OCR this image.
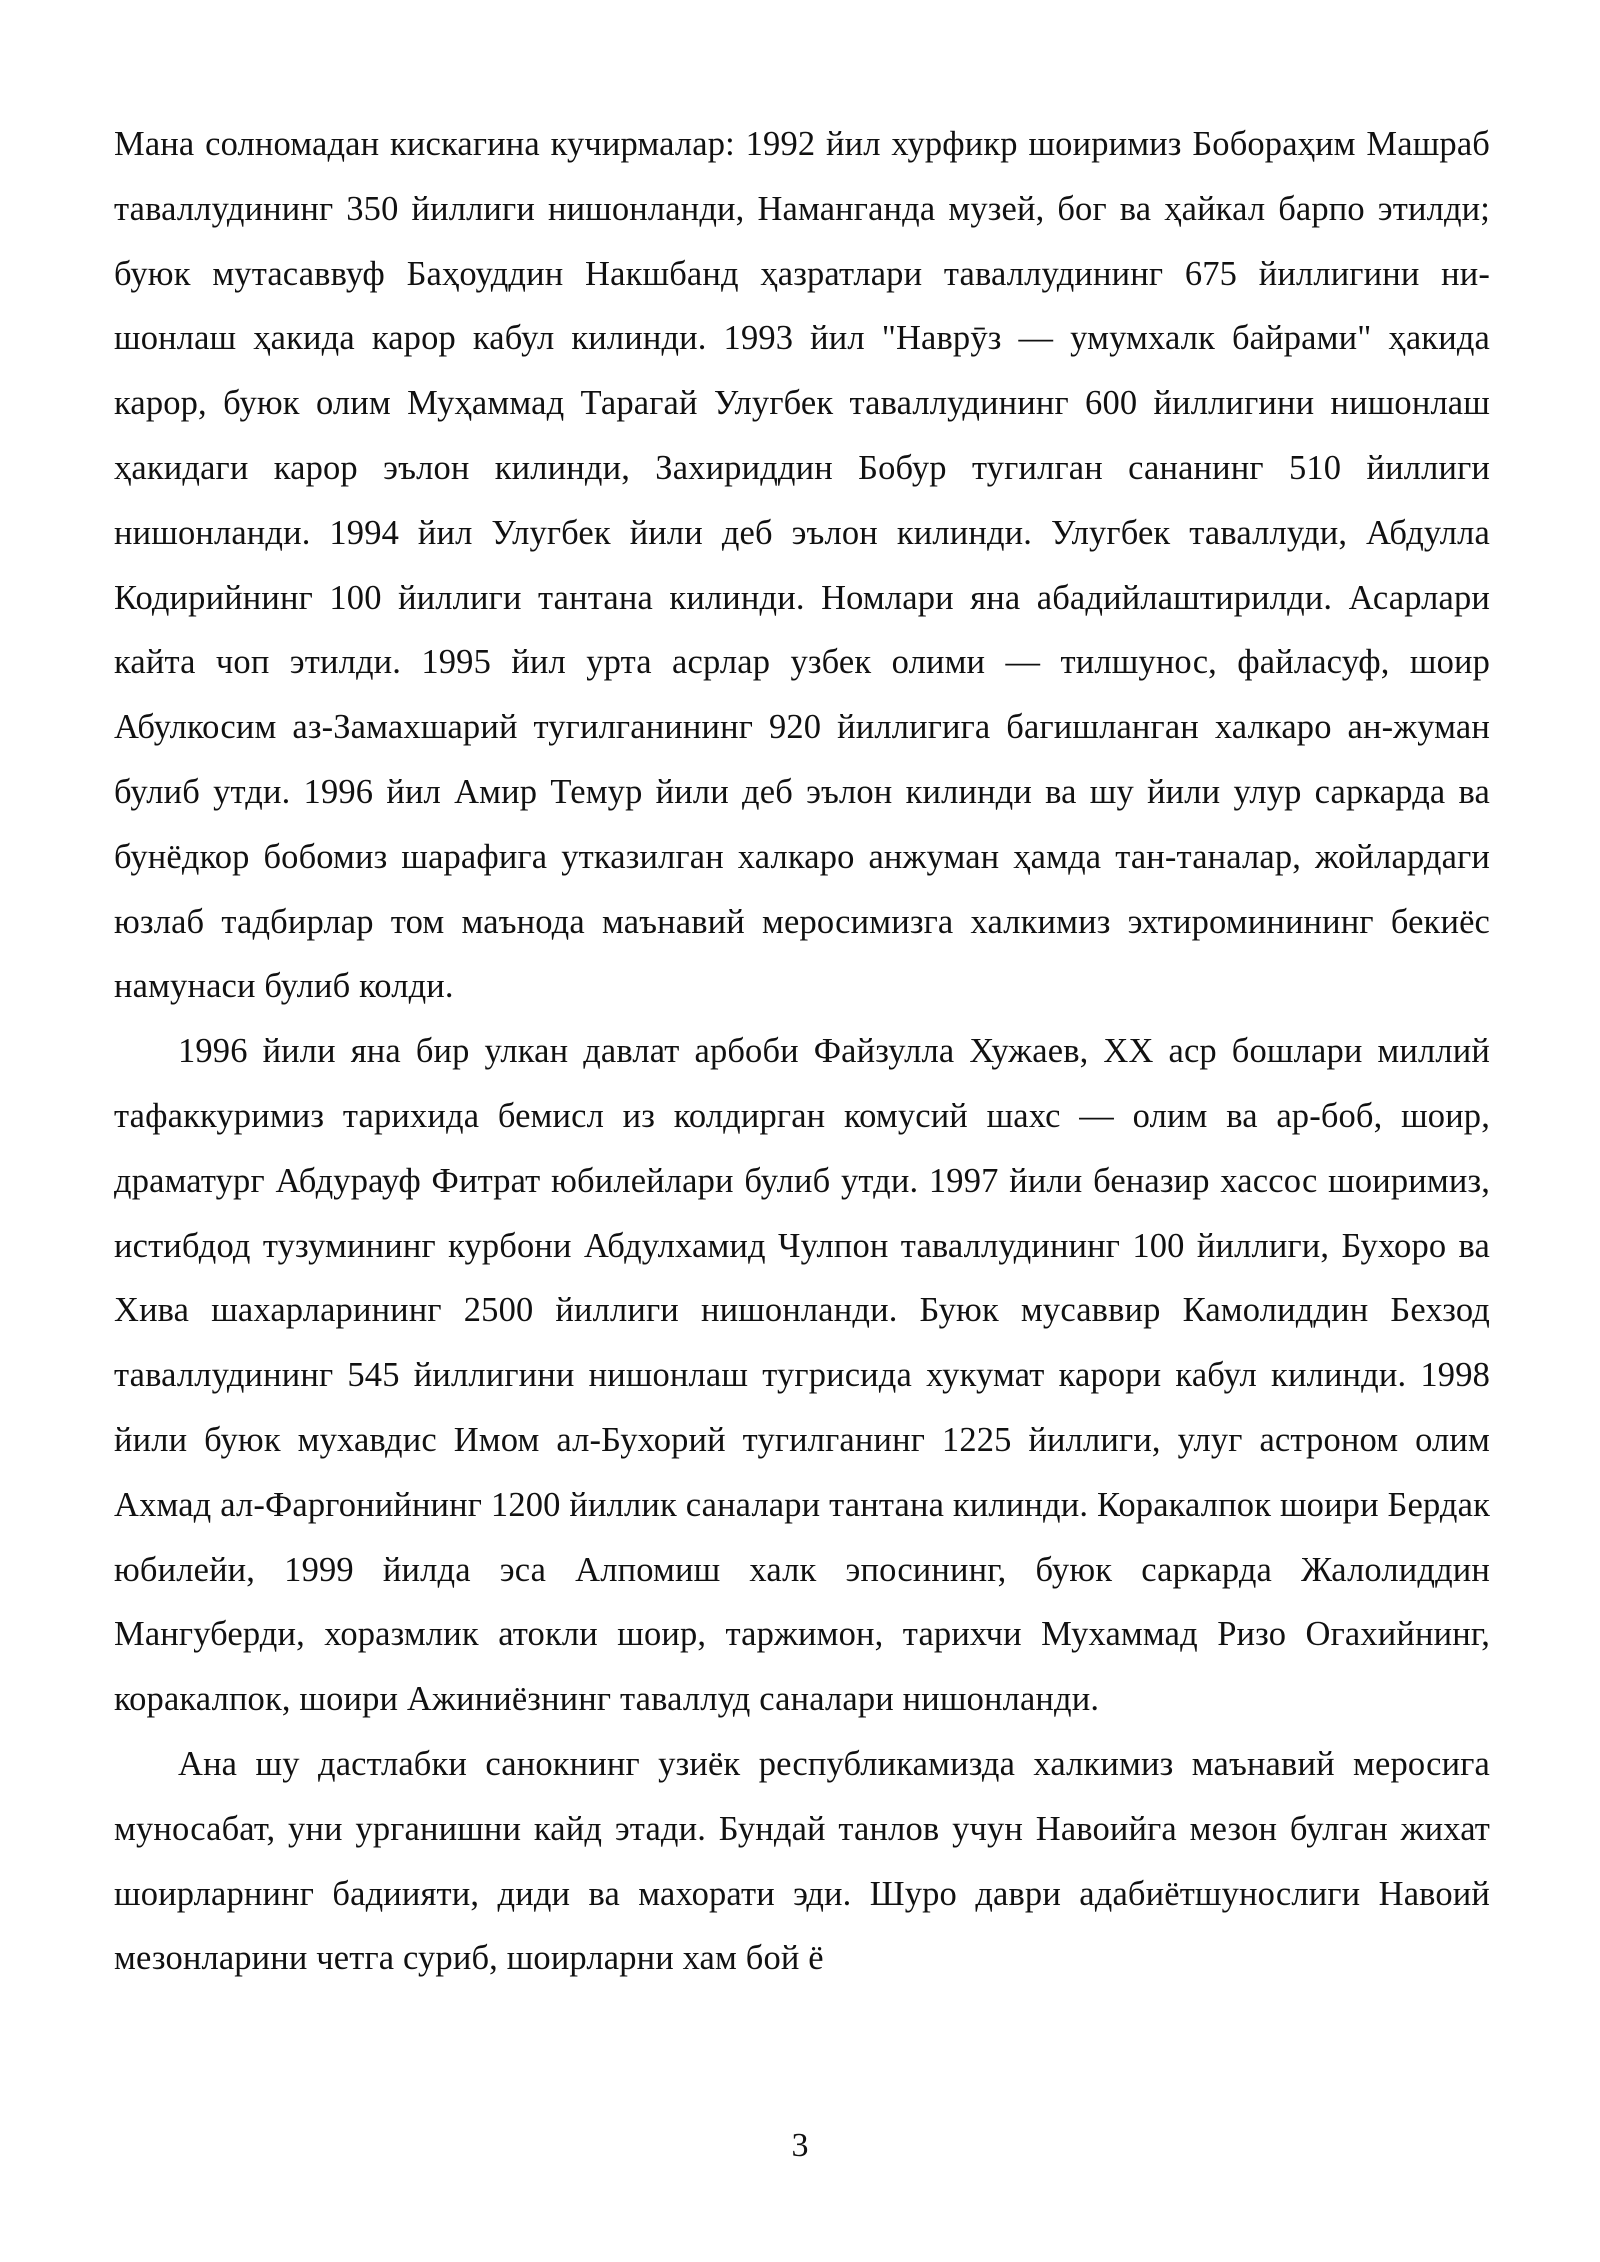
Мана солномадан кискагина кучирмалар: 1992 йил хурфикр шоиримиз Бобораҳим Машраб таваллудининг 350 йиллиги нишонланди, Наманганда музей, бог ва ҳайкал барпо этилди; буюк мутасаввуф Баҳоуддин Накшбанд ҳазратлари таваллудининг 675 йиллигини ни-шонлаш ҳакида карор кабул килинди. 1993 йил "Наврӯз — умумхалк байрами" ҳакида карор, буюк олим Муҳаммад Тарагай Улугбек таваллудининг 600 йиллигини нишонлаш ҳакидаги карор эълон килинди, Захириддин Бобур тугилган сананинг 510 йиллиги нишонланди. 1994 йил Улугбек йили деб эълон килинди. Улугбек таваллуди, Абдулла Кодирийнинг 100 йиллиги тантана килинди. Номлари яна абадийлаштирилди. Асарлари кайта чоп этилди. 1995 йил урта асрлар узбек олими — тилшунос, файласуф, шоир Абулкосим аз-Замахшарий тугилганининг 920 йиллигига багишланган халкаро ан-жуман булиб утди. 1996 йил Амир Темур йили деб эълон килинди ва шу йили улур саркарда ва бунёдкор бобомиз шарафига утказилган халкаро анжуман ҳамда тан-таналар, жойлардаги юзлаб тадбирлар том маънода маънавий меросимизга халкимиз эхтироминининг бекиёс намунаси булиб колди.

1996 йили яна бир улкан давлат арбоби Файзулла Хужаев, XX аср бошлари миллий тафаккуримиз тарихида бемисл из колдирган комусий шахс — олим ва ар-боб, шоир, драматург Абдурауф Фитрат юбилейлари булиб утди. 1997 йили беназир хассос шоиримиз, истибдод тузумининг курбони Абдулхамид Чулпон таваллудининг 100 йиллиги, Бухоро ва Хива шахарларининг 2500 йиллиги нишонланди. Буюк мусаввир Камолиддин Бехзод таваллудининг 545 йиллигини нишонлаш тугрисида хукумат карори кабул килинди. 1998 йили буюк мухавдис Имом ал-Бухорий тугилганинг 1225 йиллиги, улуг астроном олим Ахмад ал-Фаргонийнинг 1200 йиллик саналари тантана килинди. Коракалпок шоири Бердак юбилейи, 1999 йилда эса Алпомиш халк эпосининг, буюк саркарда Жалолиддин Мангуберди, хоразмлик атокли шоир, таржимон, тарихчи Мухаммад Ризо Огахийнинг, коракалпок, шоири Ажиниёзнинг таваллуд саналари нишонланди.

Ана шу дастлабки санокнинг узиёк республикамизда халкимиз маънавий меросига муносабат, уни урганишни кайд этади. Бундай танлов учун Навоийга мезон булган жихат шоирларнинг бадиияти, диди ва махорати эди. Шуро даври адабиётшунослиги Навоий мезонларини четга суриб, шоирларни хам бой ё

3
